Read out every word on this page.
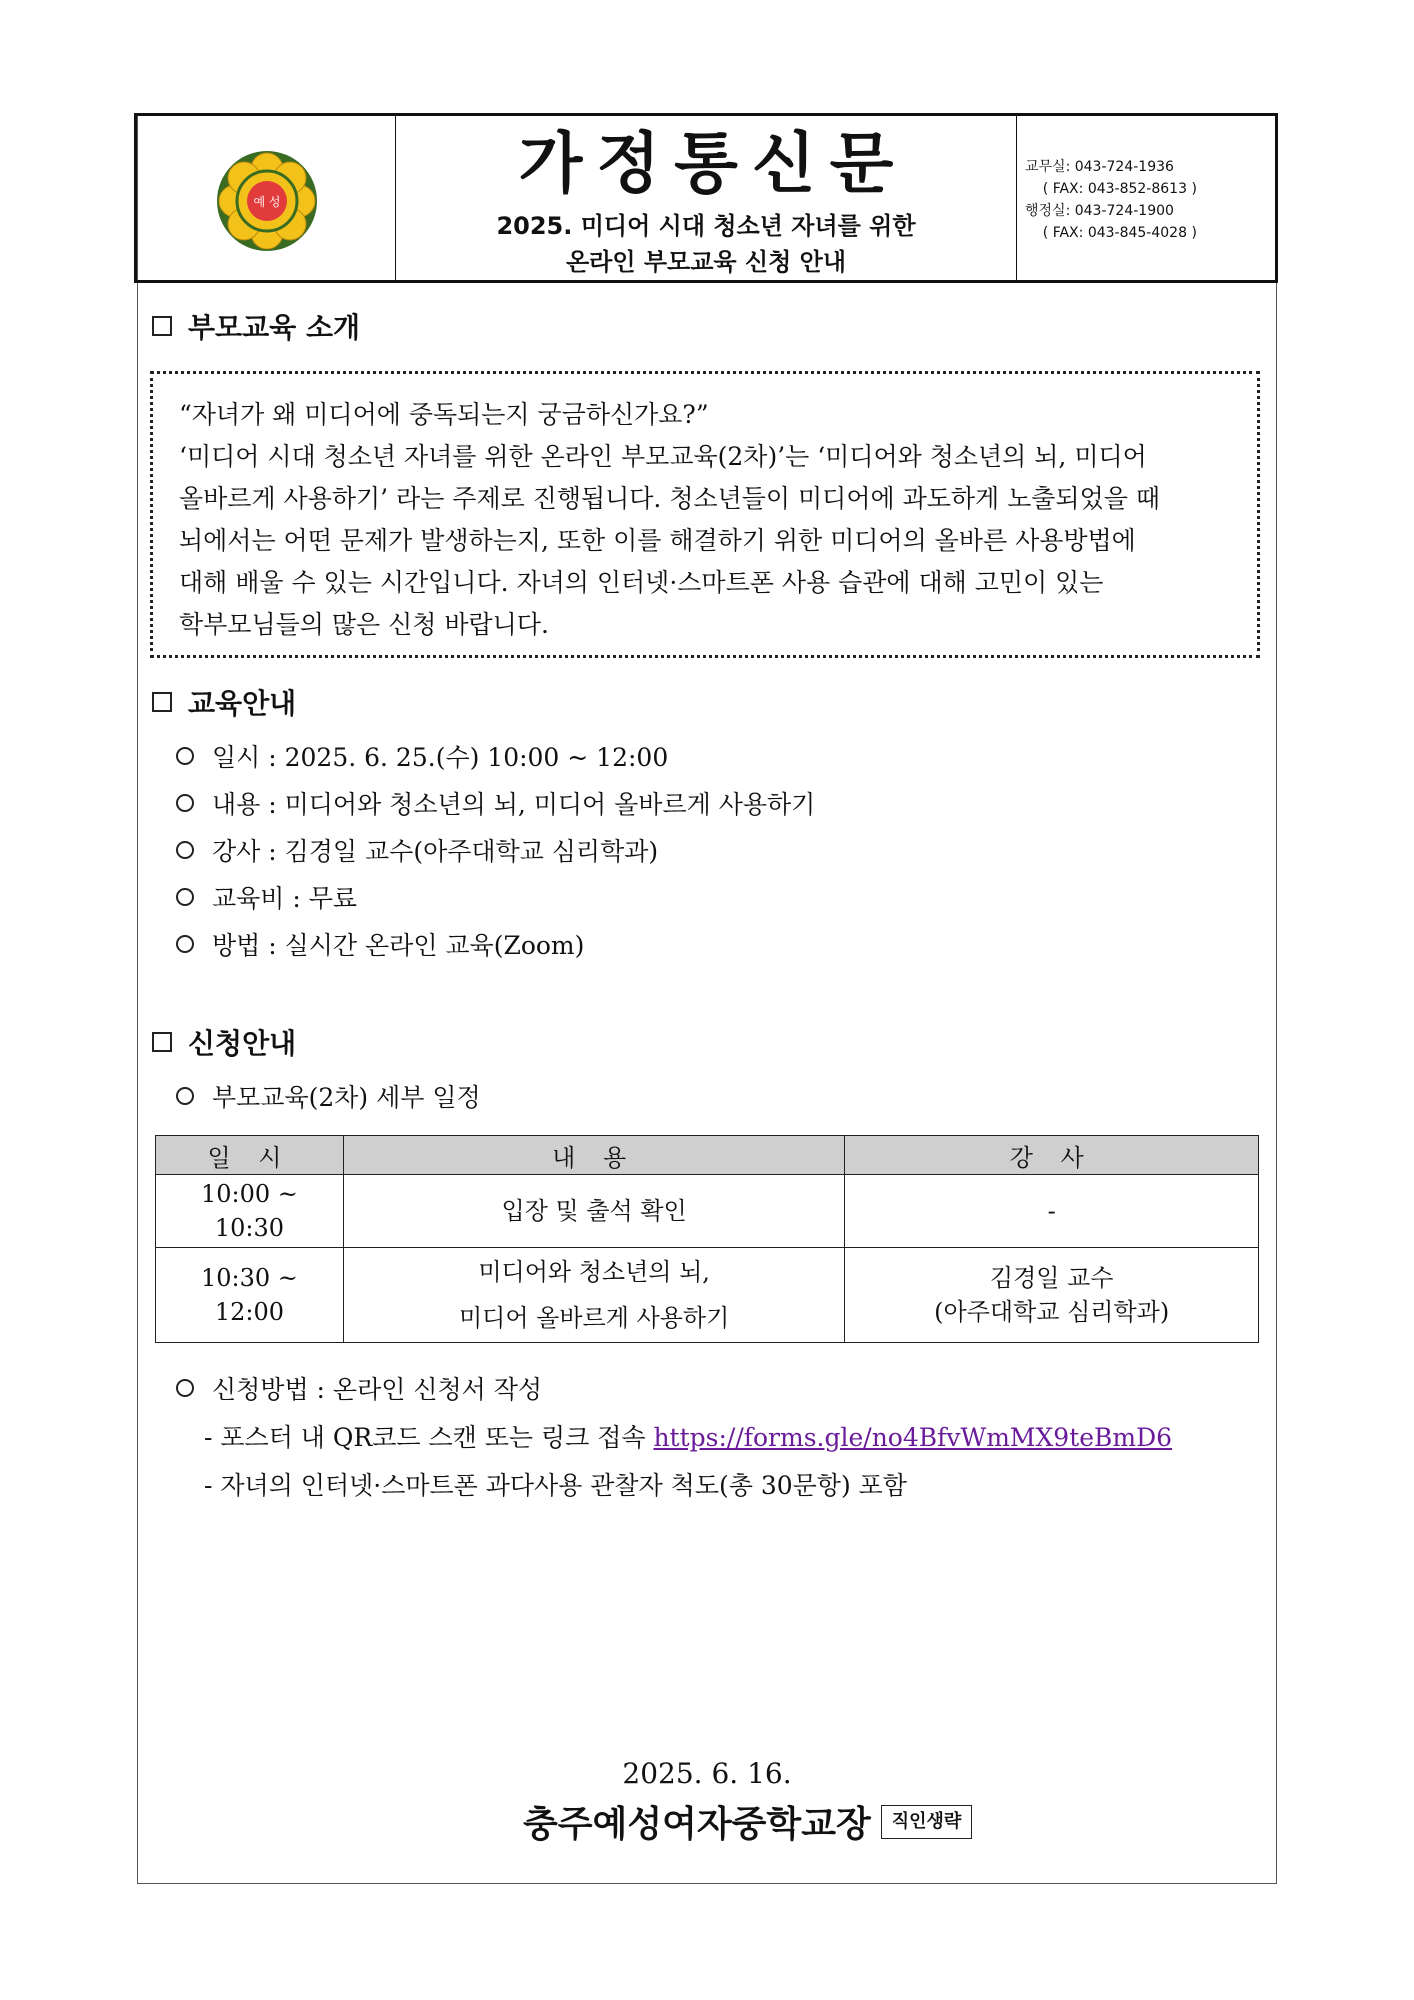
예 성	가정통신문
2025. 미디어 시대 청소년 자녀를 위한
온라인 부모교육 신청 안내
교무실: 043-724-1936
( FAX: 043-852-8613 )
행정실: 043-724-1900
( FAX: 043-845-4028 )
부모교육 소개
“자녀가 왜 미디어에 중독되는지 궁금하신가요?”
‘미디어 시대 청소년 자녀를 위한 온라인 부모교육(2차)’는 ‘미디어와 청소년의 뇌, 미디어
올바르게 사용하기’ 라는 주제로 진행됩니다. 청소년들이 미디어에 과도하게 노출되었을 때
뇌에서는 어떤 문제가 발생하는지, 또한 이를 해결하기 위한 미디어의 올바른 사용방법에
대해 배울 수 있는 시간입니다. 자녀의 인터넷·스마트폰 사용 습관에 대해 고민이 있는
학부모님들의 많은 신청 바랍니다.
교육안내
일시 : 2025. 6. 25.(수) 10:00 ~ 12:00
내용 : 미디어와 청소년의 뇌, 미디어 올바르게 사용하기
강사 : 김경일 교수(아주대학교 심리학과)
교육비 : 무료
방법 : 실시간 온라인 교육(Zoom)
신청안내
부모교육(2차) 세부 일정
일 시	내 용	강 사

10:00 ~
10:30	입장 및 출석 확인	-

10:30 ~
12:00	미디어와 청소년의 뇌,
미디어 올바르게 사용하기	김경일 교수
(아주대학교 심리학과)
신청방법 : 온라인 신청서 작성
- 포스터 내 QR코드 스캔 또는 링크 접속 https://forms.gle/no4BfvWmMX9teBmD6
- 자녀의 인터넷·스마트폰 과다사용 관찰자 척도(총 30문항) 포함
2025. 6. 16.
충주예성여자중학교장	직인생략
